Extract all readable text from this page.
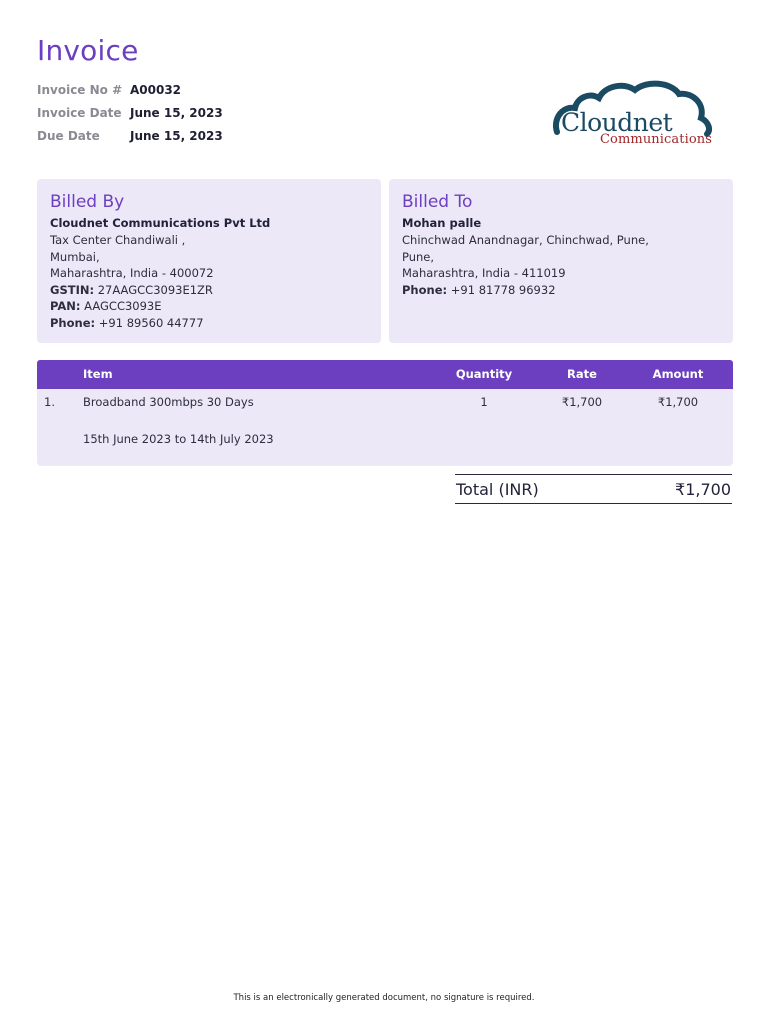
Invoice
Invoice No # A00032
Invoice Date June 15, 2023
Due Date	June 15, 2023	Cloudnet
Communications
Billed By
Cloudnet Communications Pvt Ltd
Tax Center Chandiwali ,
Mumbai,
Maharashtra, India - 400072
GSTIN: 27AAGCC3093E1ZR
PAN: AAGCC3093E
Phone: +91 89560 44777
Billed To
Mohan palle
Chinchwad Anandnagar, Chinchwad, Pune,
Pune,
Maharashtra, India - 411019
Phone: +91 81778 96932
Item	Quantity	Rate	Amount
1. Broadband 300mbps 30 Days	1	₹1,700	₹1,700
15th June 2023 to 14th July 2023
Total (INR)	₹1,700
This is an electronically generated document, no signature is required.
